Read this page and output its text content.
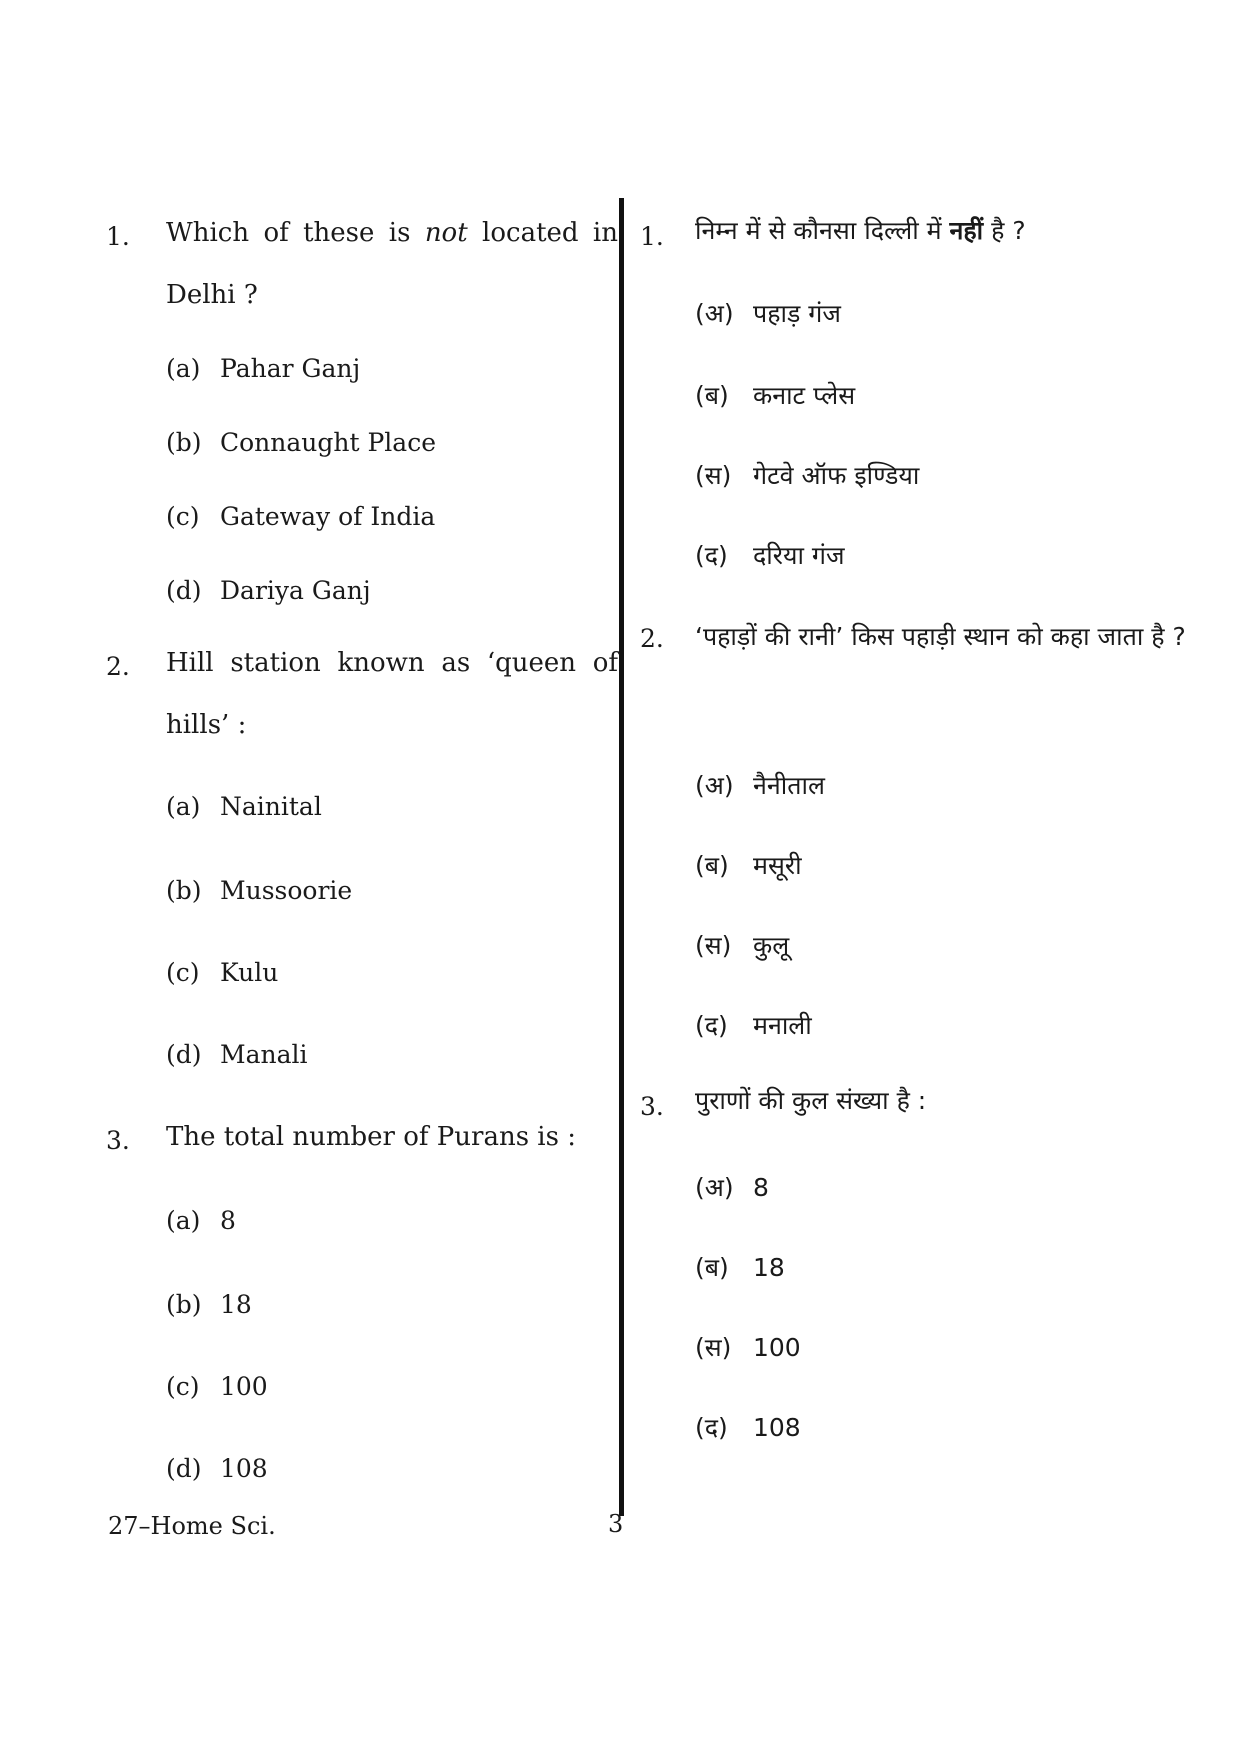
1. Which of these is not located in Delhi ?
(a) Pahar Ganj
(b) Connaught Place
(c) Gateway of India
(d) Dariya Ganj
2. Hill station known as ‘queen of hills’ :
(a) Nainital
(b) Mussoorie
(c) Kulu
(d) Manali
3. The total number of Purans is :
(a) 8
(b) 18
(c) 100
(d) 108
1. निम्न में से कौनसा दिल्ली में नहीं है ?
(अ) पहाड़ गंज
(ब) कनाट प्लेस
(स) गेटवे ऑफ इण्डिया
(द) दरिया गंज
2. ‘पहाड़ों की रानी’ किस पहाड़ी स्थान को कहा जाता है ?
(अ) नैनीताल
(ब) मसूरी
(स) कुलू
(द) मनाली
3. पुराणों की कुल संख्या है :
(अ) 8
(ब) 18
(स) 100
(द) 108
27–Home Sci.	3
